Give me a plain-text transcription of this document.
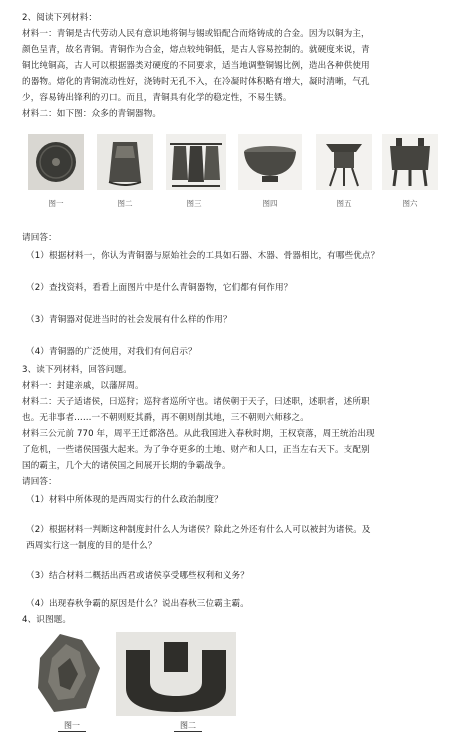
2、阅读下列材料：
材料一：青铜是古代劳动人民有意识地将铜与锡或铅配合而烙铸成的合金。因为以铜为主，
颜色呈青，故名青铜。青铜作为合金，熔点较纯铜低，是古人容易控制的。就硬度来说，青
铜比纯铜高，古人可以根据器类对硬度的不同要求，适当地调整铜锡比例，造出各种供使用
的器物。熔化的青铜流动性好，浇铸时无孔不入，在冷凝时体积略有增大，凝时清晰，气孔
少，容易铸出锋利的刃口。而且，青铜具有化学的稳定性，不易生锈。
材料二：如下图：众多的青铜器物。
图一	图二	图三	图四	图五	图六
请回答：
（1）根据材料一，你认为青铜器与原始社会的工具如石器、木器、骨器相比，有哪些优点？
（2）查找资料，看看上面图片中是什么青铜器物，它们都有何作用？
（3）青铜器对促进当时的社会发展有什么样的作用？
（4）青铜器的广泛使用，对我们有何启示？
3、读下列材料，回答问题。
材料一：封建亲戚，以藩屏周。
材料二：天子适诸侯，曰巡狩；巡狩者巡所守也。诸侯朝于天子，曰述职，述职者，述所职
也。无非事者……一不朝则贬其爵，再不朝则削其地，三不朝则六师移之。
材料三公元前 770 年，周平王迁都洛邑。从此我国进入春秋时期，王权衰落，周王统治出现
了危机，一些诸侯国强大起来。为了争夺更多的土地、财产和人口，正当左右天下。支配别
国的霸主，几个大的诸侯国之间展开长期的争霸战争。
请回答：
（1）材料中所体现的是西周实行的什么政治制度？
（2）根据材料一判断这种制度封什么人为诸侯？除此之外还有什么人可以被封为诸侯。及
西周实行这一制度的目的是什么？
（3）结合材料二概括出西君或诸侯享受哪些权利和义务？
（4）出现春秋争霸的原因是什么？说出春秋三位霸主霸。
4、识图题。
图一	图二
